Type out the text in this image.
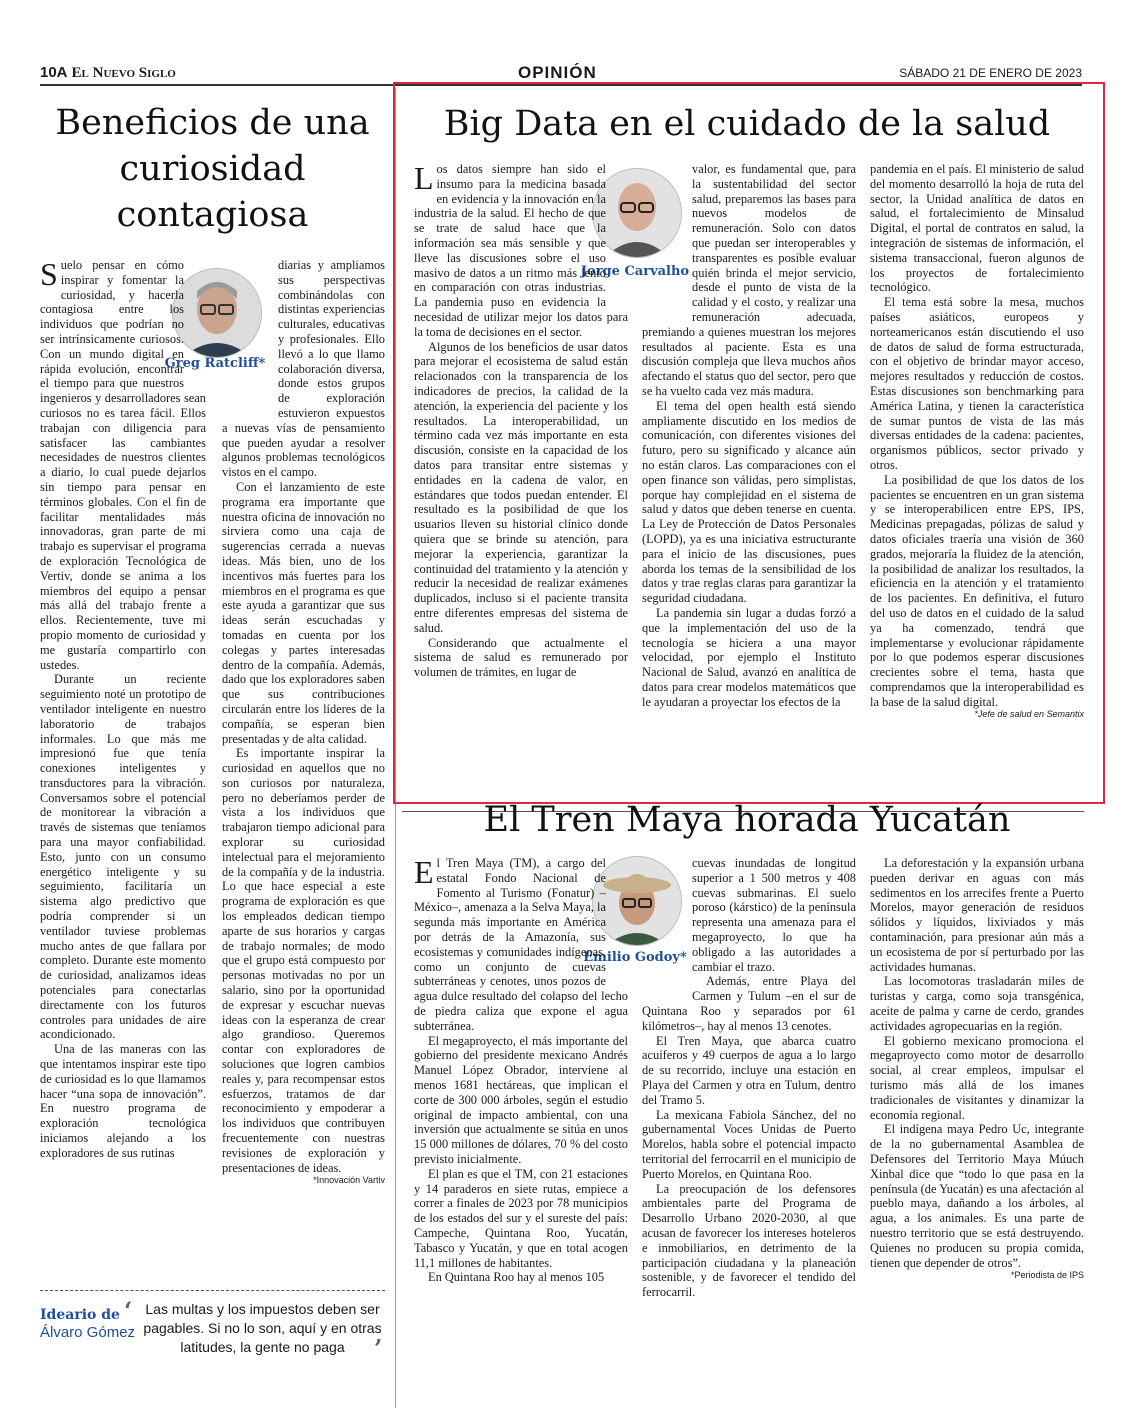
10A El Nuevo Siglo	OPINIÓN	SÁBADO 21 DE ENERO DE 2023
Beneficios de una curiosidad contagiosa
Greg Ratcliff*

Suelo pensar en cómo inspirar y fomentar la curiosidad, y hacerla contagiosa entre los individuos que podrían no ser intrínsicamente curiosos. Con un mundo digital en rápida evolución, encontrar el tiempo para que nuestros ingenieros y desarrolladores sean curiosos no es tarea fácil. Ellos trabajan con diligencia para satisfacer las cambiantes necesidades de nuestros clientes a diario, lo cual puede dejarlos sin tiempo para pensar en términos globales. Con el fin de facilitar mentalidades más innovadoras, gran parte de mi trabajo es supervisar el programa de exploración Tecnológica de Vertiv, donde se anima a los miembros del equipo a pensar más allá del trabajo frente a ellos. Recientemente, tuve mi propio momento de curiosidad y me gustaría compartirlo con ustedes.

Durante un reciente seguimiento noté un prototipo de ventilador inteligente en nuestro laboratorio de trabajos informales. Lo que más me impresionó fue que tenía conexiones inteligentes y transductores para la vibración. Conversamos sobre el potencial de monitorear la vibración a través de sistemas que teníamos para una mayor confiabilidad. Esto, junto con un consumo energético inteligente y su seguimiento, facilitaría un sistema algo predictivo que podría comprender si un ventilador tuviese problemas mucho antes de que fallara por completo. Durante este momento de curiosidad, analizamos ideas potenciales para conectarlas directamente con los futuros controles para unidades de aire acondicionado.

Una de las maneras con las que intentamos inspirar este tipo de curiosidad es lo que llamamos hacer “una sopa de innovación”. En nuestro programa de exploración tecnológica iniciamos alejando a los exploradores de sus rutinas

diarias y ampliamos sus perspectivas combinándolas con distintas experiencias culturales, educativas y profesionales. Ello llevó a lo que llamo colaboración diversa, donde estos grupos de exploración estuvieron expuestos a nuevas vías de pensamiento que pueden ayudar a resolver algunos problemas tecnológicos vistos en el campo.

Con el lanzamiento de este programa era importante que nuestra oficina de innovación no sirviera como una caja de sugerencias cerrada a nuevas ideas. Más bien, uno de los incentivos más fuertes para los miembros en el programa es que este ayuda a garantizar que sus ideas serán escuchadas y tomadas en cuenta por los colegas y partes interesadas dentro de la compañía. Además, dado que los exploradores saben que sus contribuciones circularán entre los líderes de la compañía, se esperan bien presentadas y de alta calidad.

Es importante inspirar la curiosidad en aquellos que no son curiosos por naturaleza, pero no deberíamos perder de vista a los individuos que trabajaron tiempo adicional para explorar su curiosidad intelectual para el mejoramiento de la compañía y de la industria. Lo que hace especial a este programa de exploración es que los empleados dedican tiempo aparte de sus horarios y cargas de trabajo normales; de modo que el grupo está compuesto por personas motivadas no por un salario, sino por la oportunidad de expresar y escuchar nuevas ideas con la esperanza de crear algo grandioso. Queremos contar con exploradores de soluciones que logren cambios reales y, para recompensar estos esfuerzos, tratamos de dar reconocimiento y empoderar a los individuos que contribuyen frecuentemente con nuestras revisiones de exploración y presentaciones de ideas.

*Innovación Vartiv
Big Data en el cuidado de la salud
Jorge Carvalho

Los datos siempre han sido el insumo para la medicina basada en evidencia y la innovación en la industria de la salud. El hecho de que se trate de salud hace que la información sea más sensible y que lleve las discusiones sobre el uso masivo de datos a un ritmo más lento en comparación con otras industrias. La pandemia puso en evidencia la necesidad de utilizar mejor los datos para la toma de decisiones en el sector.

Algunos de los beneficios de usar datos para mejorar el ecosistema de salud están relacionados con la transparencia de los indicadores de precios, la calidad de la atención, la experiencia del paciente y los resultados. La interoperabilidad, un término cada vez más importante en esta discusión, consiste en la capacidad de los datos para transitar entre sistemas y entidades en la cadena de valor, en estándares que todos puedan entender. El resultado es la posibilidad de que los usuarios lleven su historial clínico donde quiera que se brinde su atención, para mejorar la experiencia, garantizar la continuidad del tratamiento y la atención y reducir la necesidad de realizar exámenes duplicados, incluso si el paciente transita entre diferentes empresas del sistema de salud.

Considerando que actualmente el sistema de salud es remunerado por volumen de trámites, en lugar de

valor, es fundamental que, para la sustentabilidad del sector salud, preparemos las bases para nuevos modelos de remuneración. Solo con datos que puedan ser interoperables y transparentes es posible evaluar quién brinda el mejor servicio, desde el punto de vista de la calidad y el costo, y realizar una remuneración adecuada, premiando a quienes muestran los mejores resultados al paciente. Esta es una discusión compleja que lleva muchos años afectando el status quo del sector, pero que se ha vuelto cada vez más madura.

El tema del open health está siendo ampliamente discutido en los medios de comunicación, con diferentes visiones del futuro, pero su significado y alcance aún no están claros. Las comparaciones con el open finance son válidas, pero simplistas, porque hay complejidad en el sistema de salud y datos que deben tenerse en cuenta. La Ley de Protección de Datos Personales (LOPD), ya es una iniciativa estructurante para el inicio de las discusiones, pues aborda los temas de la sensibilidad de los datos y trae reglas claras para garantizar la seguridad ciudadana.

La pandemia sin lugar a dudas forzó a que la implementación del uso de la tecnología se hiciera a una mayor velocidad, por ejemplo el Instituto Nacional de Salud, avanzó en analítica de datos para crear modelos matemáticos que le ayudaran a proyectar los efectos de la

pandemia en el país. El ministerio de salud del momento desarrolló la hoja de ruta del sector, la Unidad analítica de datos en salud, el fortalecimiento de Minsalud Digital, el portal de contratos en salud, la integración de sistemas de información, el sistema transaccional, fueron algunos de los proyectos de fortalecimiento tecnológico.

El tema está sobre la mesa, muchos países asiáticos, europeos y norteamericanos están discutiendo el uso de datos de salud de forma estructurada, con el objetivo de brindar mayor acceso, mejores resultados y reducción de costos. Estas discusiones son benchmarking para América Latina, y tienen la característica de sumar puntos de vista de las más diversas entidades de la cadena: pacientes, organismos públicos, sector privado y otros.

La posibilidad de que los datos de los pacientes se encuentren en un gran sistema y se interoperabilicen entre EPS, IPS, Medicinas prepagadas, pólizas de salud y datos oficiales traería una visión de 360 grados, mejoraría la fluidez de la atención, la posibilidad de analizar los resultados, la eficiencia en la atención y el tratamiento de los pacientes. En definitiva, el futuro del uso de datos en el cuidado de la salud ya ha comenzado, tendrá que implementarse y evolucionar rápidamente por lo que podemos esperar discusiones crecientes sobre el tema, hasta que comprendamos que la interoperabilidad es la base de la salud digital.

*Jefe de salud en Semantix
El Tren Maya horada Yucatán
Emilio Godoy*

El Tren Maya (TM), a cargo del estatal Fondo Nacional de Fomento al Turismo (Fonatur) –México–, amenaza a la Selva Maya, la segunda más importante en América por detrás de la Amazonía, sus ecosistemas y comunidades indígenas, como un conjunto de cuevas subterráneas y cenotes, unos pozos de agua dulce resultado del colapso del lecho de piedra caliza que expone el agua subterránea.

El megaproyecto, el más importante del gobierno del presidente mexicano Andrés Manuel López Obrador, interviene al menos 1681 hectáreas, que implican el corte de 300 000 árboles, según el estudio original de impacto ambiental, con una inversión que actualmente se sitúa en unos 15 000 millones de dólares, 70 % del costo previsto inicialmente.

El plan es que el TM, con 21 estaciones y 14 paraderos en siete rutas, empiece a correr a finales de 2023 por 78 municipios de los estados del sur y el sureste del país: Campeche, Quintana Roo, Yucatán, Tabasco y Yucatán, y que en total acogen 11,1 millones de habitantes.

En Quintana Roo hay al menos 105

cuevas inundadas de longitud superior a 1 500 metros y 408 cuevas submarinas. El suelo poroso (kárstico) de la península representa una amenaza para el megaproyecto, lo que ha obligado a las autoridades a cambiar el trazo.

Además, entre Playa del Carmen y Tulum –en el sur de Quintana Roo y separados por 61 kilómetros–, hay al menos 13 cenotes.

El Tren Maya, que abarca cuatro acuíferos y 49 cuerpos de agua a lo largo de su recorrido, incluye una estación en Playa del Carmen y otra en Tulum, dentro del Tramo 5.

La mexicana Fabiola Sánchez, del no gubernamental Voces Unidas de Puerto Morelos, habla sobre el potencial impacto territorial del ferrocarril en el municipio de Puerto Morelos, en Quintana Roo.

La preocupación de los defensores ambientales parte del Programa de Desarrollo Urbano 2020-2030, al que acusan de favorecer los intereses hoteleros e inmobiliarios, en detrimento de la participación ciudadana y la planeación sostenible, y de favorecer el tendido del ferrocarril.

La deforestación y la expansión urbana pueden derivar en aguas con más sedimentos en los arrecifes frente a Puerto Morelos, mayor generación de residuos sólidos y líquidos, lixiviados y más contaminación, para presionar aún más a un ecosistema de por sí perturbado por las actividades humanas.

Las locomotoras trasladarán miles de turistas y carga, como soja transgénica, aceite de palma y carne de cerdo, grandes actividades agropecuarias en la región.

El gobierno mexicano promociona el megaproyecto como motor de desarrollo social, al crear empleos, impulsar el turismo más allá de los imanes tradicionales de visitantes y dinamizar la economía regional.

El indígena maya Pedro Uc, integrante de la no gubernamental Asamblea de Defensores del Territorio Maya Múuch Xinbal dice que “todo lo que pasa en la península (de Yucatán) es una afectación al pueblo maya, dañando a los árboles, al agua, a los animales. Es una parte de nuestro territorio que se está destruyendo. Quienes no producen su propia comida, tienen que depender de otros”.

*Periodista de IPS
Ideario de
Álvaro Gómez
‘ Las multas y los impuestos deben ser pagables. Si no lo son, aquí y en otras latitudes, la gente no paga	’
